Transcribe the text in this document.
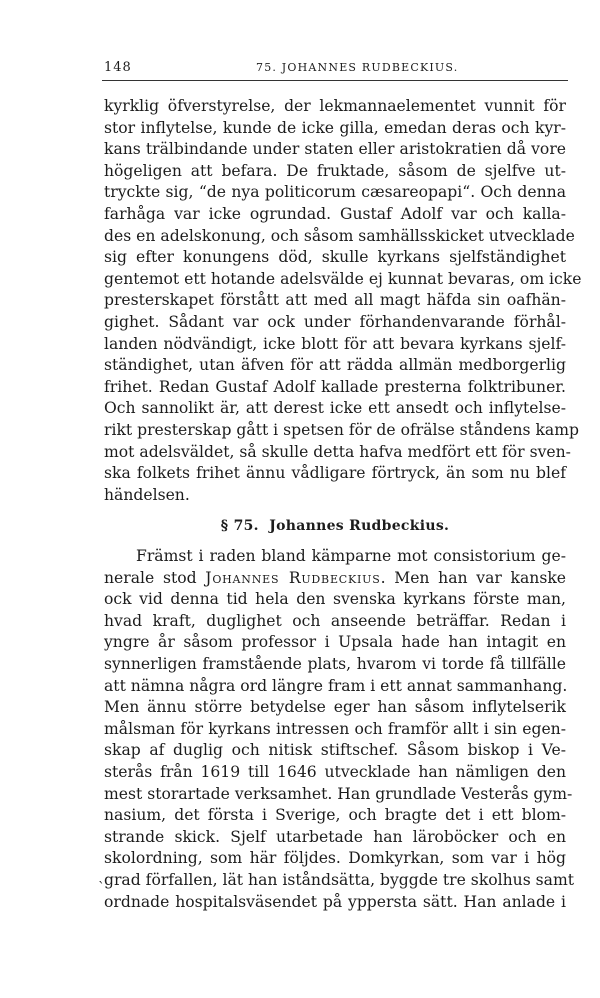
148	75. JOHANNES RUDBECKIUS.
kyrklig öfverstyrelse, der lekmannaelementet vunnit för
stor inflytelse, kunde de icke gilla, emedan deras och kyr-
kans trälbindande under staten eller aristokratien då vore
högeligen att befara. De fruktade, såsom de sjelfve ut-
tryckte sig, “de nya politicorum cæsareopapi“. Och denna
farhåga var icke ogrundad. Gustaf Adolf var och kalla-
des en adelskonung, och såsom samhällsskicket utvecklade
sig efter konungens död, skulle kyrkans sjelfständighet
gentemot ett hotande adelsvälde ej kunnat bevaras, om icke
presterskapet förstått att med all magt häfda sin oafhän-
gighet. Sådant var ock under förhandenvarande förhål-
landen nödvändigt, icke blott för att bevara kyrkans sjelf-
ständighet, utan äfven för att rädda allmän medborgerlig
frihet. Redan Gustaf Adolf kallade presterna folktribuner.
Och sannolikt är, att derest icke ett ansedt och inflytelse-
rikt presterskap gått i spetsen för de ofrälse ståndens kamp
mot adelsväldet, så skulle detta hafva medfört ett för sven-
ska folkets frihet ännu vådligare förtryck, än som nu blef
händelsen.
§ 75. Johannes Rudbeckius.
Främst i raden bland kämparne mot consistorium ge-
nerale stod Johannes Rudbeckius. Men han var kanske
ock vid denna tid hela den svenska kyrkans förste man,
hvad kraft, duglighet och anseende beträffar. Redan i
yngre år såsom professor i Upsala hade han intagit en
synnerligen framstående plats, hvarom vi torde få tillfälle
att nämna några ord längre fram i ett annat sammanhang.
Men ännu större betydelse eger han såsom inflytelserik
målsman för kyrkans intressen och framför allt i sin egen-
skap af duglig och nitisk stiftschef. Såsom biskop i Ve-
sterås från 1619 till 1646 utvecklade han nämligen den
mest storartade verksamhet. Han grundlade Vesterås gym-
nasium, det första i Sverige, och bragte det i ett blom-
strande skick. Sjelf utarbetade han läroböcker och en
skolordning, som här följdes. Domkyrkan, som var i hög
grad förfallen, lät han iståndsätta, byggde tre skolhus samt
ordnade hospitalsväsendet på yppersta sätt. Han anlade i
`
